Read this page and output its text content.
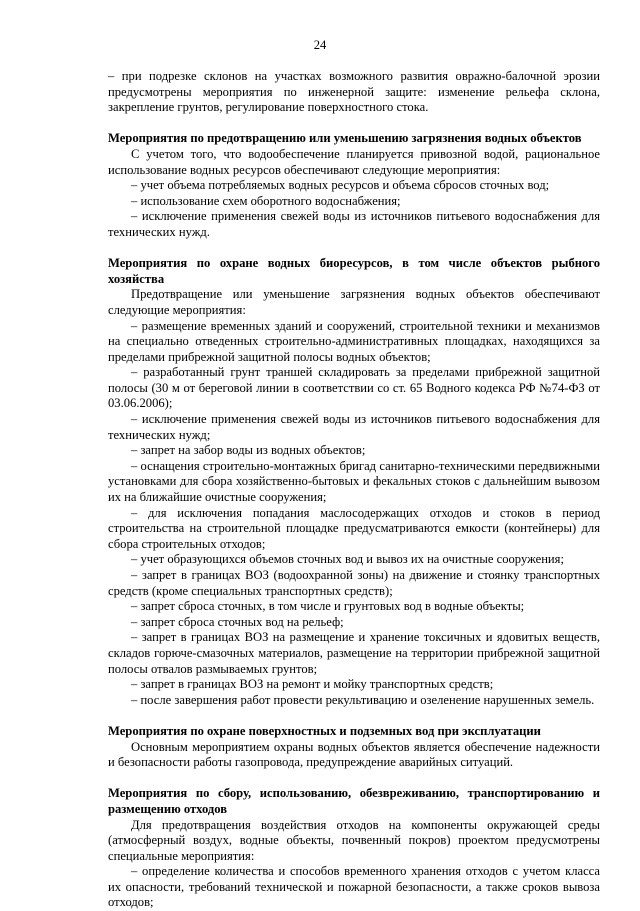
24

– при подрезке склонов на участках возможного развития овражно-балочной эрозии предусмотрены мероприятия по инженерной защите: изменение рельефа склона, закрепление грунтов, регулирование поверхностного стока.

Мероприятия по предотвращению или уменьшению загрязнения водных объектов

С учетом того, что водообеспечение планируется привозной водой, рациональное использование водных ресурсов обеспечивают следующие мероприятия:

– учет объема потребляемых водных ресурсов и объема сбросов сточных вод;

– использование схем оборотного водоснабжения;

– исключение применения свежей воды из источников питьевого водоснабжения для технических нужд.

Мероприятия по охране водных биоресурсов, в том числе объектов рыбного хозяйства

Предотвращение или уменьшение загрязнения водных объектов обеспечивают следующие мероприятия:

– размещение временных зданий и сооружений, строительной техники и механизмов на специально отведенных строительно-административных площадках, находящихся за пределами прибрежной защитной полосы водных объектов;

– разработанный грунт траншей складировать за пределами прибрежной защитной полосы (30 м от береговой линии в соответствии со ст. 65 Водного кодекса РФ №74-ФЗ от 03.06.2006);

– исключение применения свежей воды из источников питьевого водоснабжения для технических нужд;

– запрет на забор воды из водных объектов;

– оснащения строительно-монтажных бригад санитарно-техническими передвижными установками для сбора хозяйственно-бытовых и фекальных стоков с дальнейшим вывозом их на ближайшие очистные сооружения;

– для исключения попадания маслосодержащих отходов и стоков в период строительства на строительной площадке предусматриваются емкости (контейнеры) для сбора строительных отходов;

– учет образующихся объемов сточных вод и вывоз их на очистные сооружения;

– запрет в границах ВОЗ (водоохранной зоны) на движение и стоянку транспортных средств (кроме специальных транспортных средств);

– запрет сброса сточных, в том числе и грунтовых вод в водные объекты;

– запрет сброса сточных вод на рельеф;

– запрет в границах ВОЗ на размещение и хранение токсичных и ядовитых веществ, складов горюче-смазочных материалов, размещение на территории прибрежной защитной полосы отвалов размываемых грунтов;

– запрет в границах ВОЗ на ремонт и мойку транспортных средств;

– после завершения работ провести рекультивацию и озеленение нарушенных земель.

Мероприятия по охране поверхностных и подземных вод при эксплуатации

Основным мероприятием охраны водных объектов является обеспечение надежности и безопасности работы газопровода, предупреждение аварийных ситуаций.

Мероприятия по сбору, использованию, обезвреживанию, транспортированию и размещению отходов

Для предотвращения воздействия отходов на компоненты окружающей среды (атмосферный воздух, водные объекты, почвенный покров) проектом предусмотрены специальные мероприятия:

– определение количества и способов временного хранения отходов с учетом класса их опасности, требований технической и пожарной безопасности, а также сроков вывоза отходов;
